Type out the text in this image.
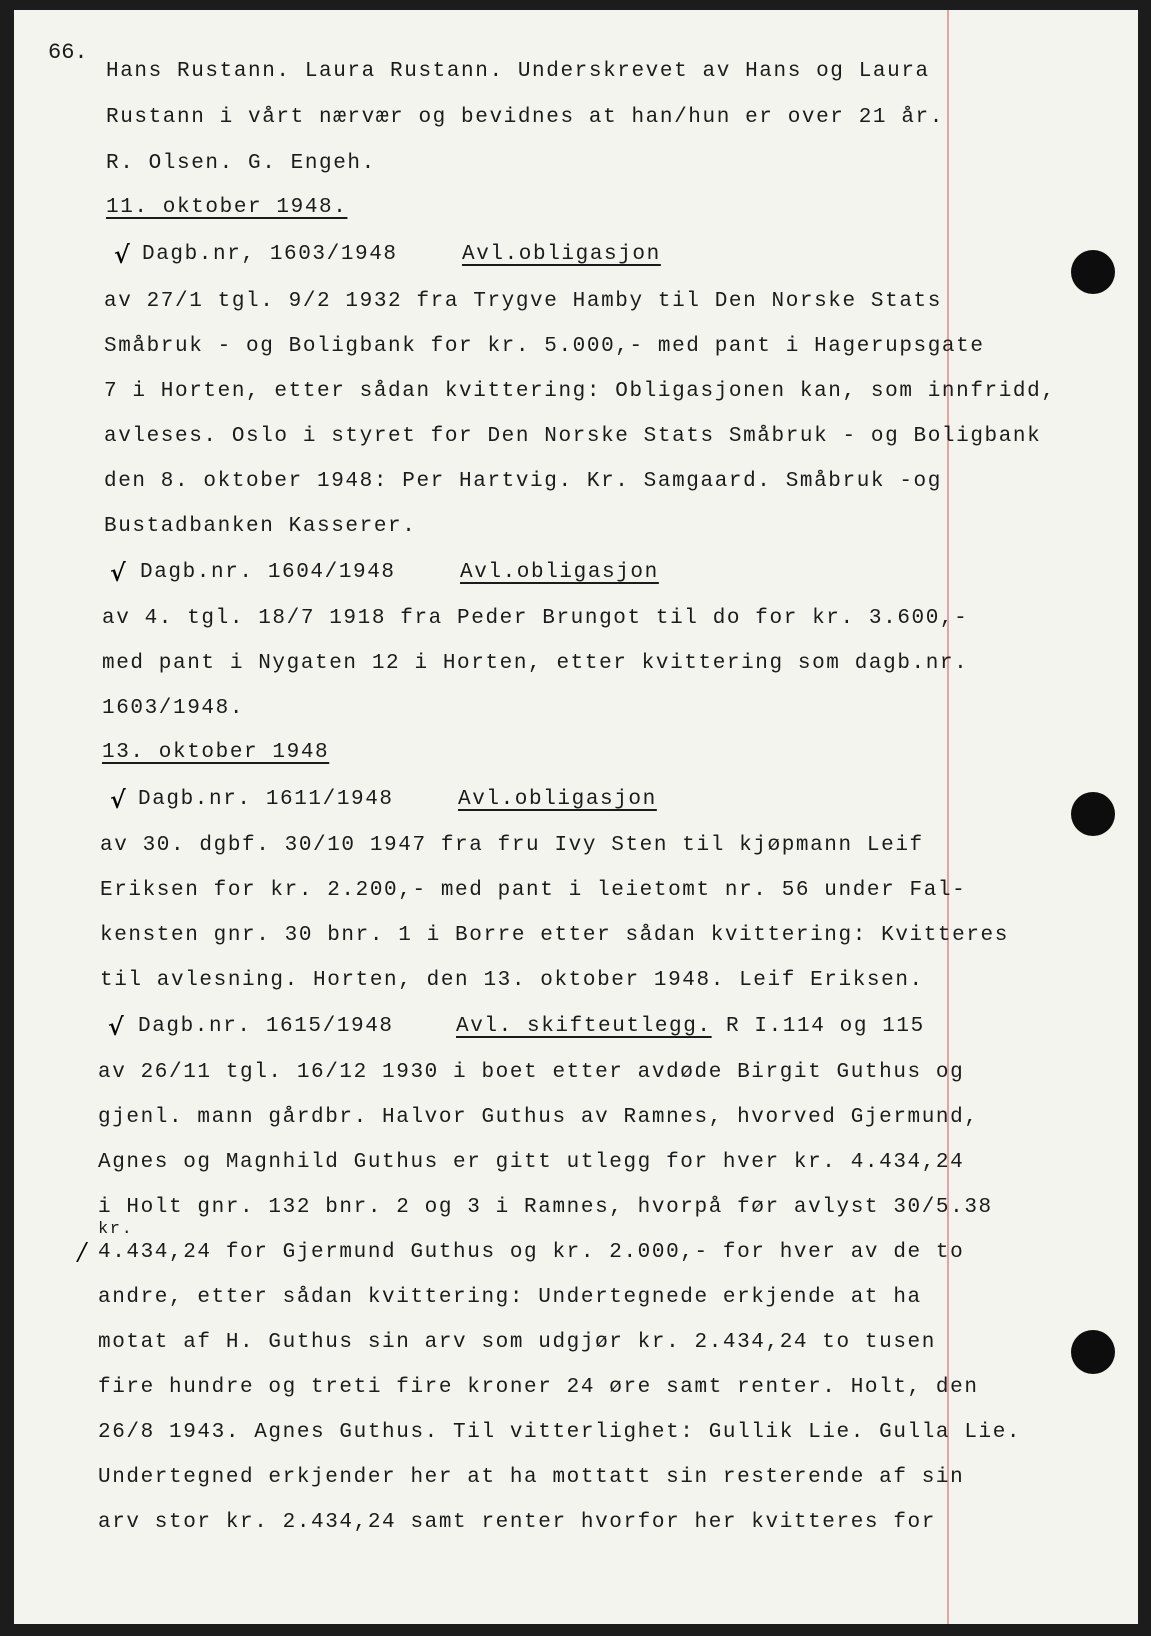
66.
Hans Rustann. Laura Rustann. Underskrevet av Hans og Laura
Rustann i vårt nærvær og bevidnes at han/hun er over 21 år.
R. Olsen. G. Engeh.
11. oktober 1948.
√ Dagb.nr, 1603/1948	Avl.obligasjon
av 27/1 tgl. 9/2 1932 fra Trygve Hamby til Den Norske Stats
Småbruk - og Boligbank for kr. 5.000,- med pant i Hagerupsgate
7 i Horten, etter sådan kvittering: Obligasjonen kan, som innfridd,
avleses. Oslo i styret for Den Norske Stats Småbruk - og Boligbank
den 8. oktober 1948: Per Hartvig. Kr. Samgaard. Småbruk -og
Bustadbanken Kasserer.
√ Dagb.nr. 1604/1948	Avl.obligasjon
av 4. tgl. 18/7 1918 fra Peder Brungot til do for kr. 3.600,-
med pant i Nygaten 12 i Horten, etter kvittering som dagb.nr.
1603/1948.
13. oktober 1948
√ Dagb.nr. 1611/1948	Avl.obligasjon
av 30. dgbf. 30/10 1947 fra fru Ivy Sten til kjøpmann Leif
Eriksen for kr. 2.200,- med pant i leietomt nr. 56 under Fal-
kensten gnr. 30 bnr. 1 i Borre etter sådan kvittering: Kvitteres
til avlesning. Horten, den 13. oktober 1948. Leif Eriksen.
√ Dagb.nr. 1615/1948	Avl. skifteutlegg. R I.114 og 115
av 26/11 tgl. 16/12 1930 i boet etter avdøde Birgit Guthus og
gjenl. mann gårdbr. Halvor Guthus av Ramnes, hvorved Gjermund,
Agnes og Magnhild Guthus er gitt utlegg for hver kr. 4.434,24
i Holt gnr. 132 bnr. 2 og 3 i Ramnes, hvorpå før avlyst 30/5.38
kr.
/ 4.434,24 for Gjermund Guthus og kr. 2.000,- for hver av de to
andre, etter sådan kvittering: Undertegnede erkjende at ha
motat af H. Guthus sin arv som udgjør kr. 2.434,24 to tusen
fire hundre og treti fire kroner 24 øre samt renter. Holt, den
26/8 1943. Agnes Guthus. Til vitterlighet: Gullik Lie. Gulla Lie.
Undertegned erkjender her at ha mottatt sin resterende af sin
arv stor kr. 2.434,24 samt renter hvorfor her kvitteres for
